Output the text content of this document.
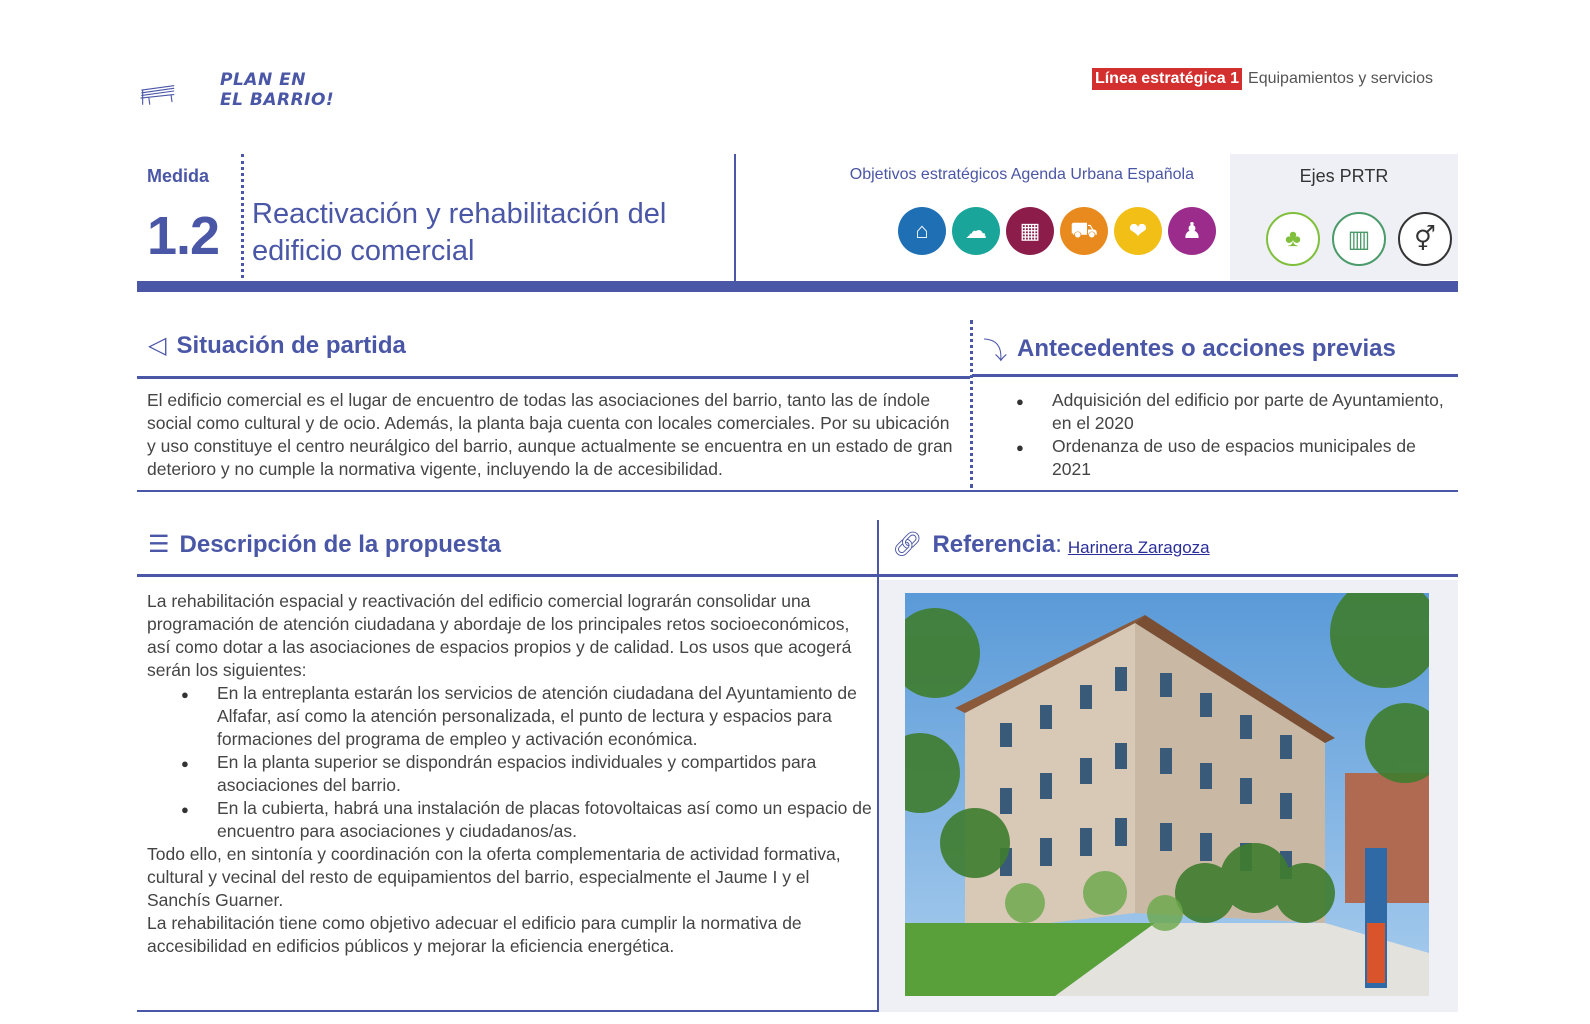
PLAN EN
EL BARRIO!
Línea estratégica 1 Equipamientos y servicios
Medida
1.2 Reactivación y rehabilitación del edificio comercial
Objetivos estratégicos Agenda Urbana Española
⌂	☁	▦	⛟	❤	♟
Ejes PRTR
♣	▥	⚥
◁ Situación de partida
El edificio comercial es el lugar de encuentro de todas las asociaciones del barrio, tanto las de índole social como cultural y de ocio. Además, la planta baja cuenta con locales comerciales. Por su ubicación y uso constituye el centro neurálgico del barrio, aunque actualmente se encuentra en un estado de gran deterioro y no cumple la normativa vigente, incluyendo la de accesibilidad.
⤵ Antecedentes o acciones previas
● Adquisición del edificio por parte de Ayuntamiento, en el 2020
● Ordenanza de uso de espacios municipales de 2021
☰ Descripción de la propuesta
La rehabilitación espacial y reactivación del edificio comercial lograrán consolidar una programación de atención ciudadana y abordaje de los principales retos socioeconómicos, así como dotar a las asociaciones de espacios propios y de calidad. Los usos que acogerá serán los siguientes:
● En la entreplanta estarán los servicios de atención ciudadana del Ayuntamiento de Alfafar, así como la atención personalizada, el punto de lectura y espacios para formaciones del programa de empleo y activación económica.
● En la planta superior se dispondrán espacios individuales y compartidos para asociaciones del barrio.
● En la cubierta, habrá una instalación de placas fotovoltaicas así como un espacio de encuentro para asociaciones y ciudadanos/as.
Todo ello, en sintonía y coordinación con la oferta complementaria de actividad formativa, cultural y vecinal del resto de equipamientos del barrio, especialmente el Jaume I y el Sanchís Guarner.
La rehabilitación tiene como objetivo adecuar el edificio para cumplir la normativa de accesibilidad en edificios públicos y mejorar la eficiencia energética.
🔗︎ Referencia: Harinera Zaragoza
